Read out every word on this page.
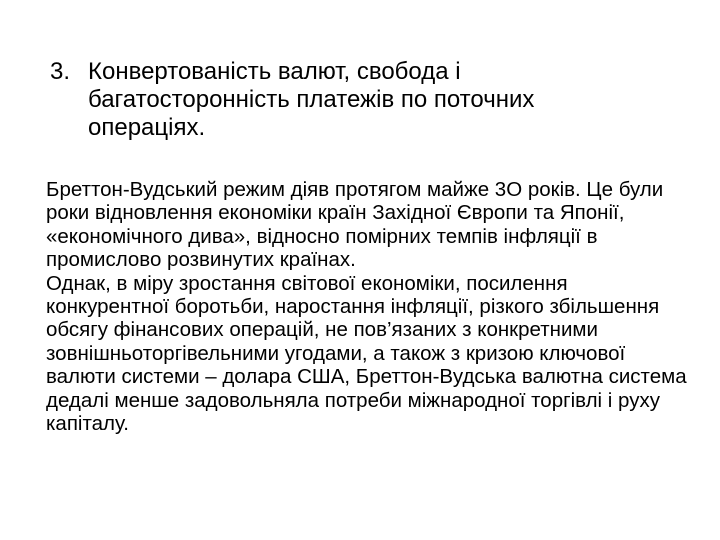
3. Конвертованість валют, свобода і багатосторонність платежів по поточних операціях.

Бреттон-Вудський режим діяв протягом майже 3О років. Це були роки відновлення економіки країн Західної Європи та Японії, «економічного дива», відносно помірних темпів інфляції в промислово розвинутих країнах.

Однак, в міру зростання світової економіки, посилення конкурентної боротьби, наростання інфляції, різкого збільшення обсягу фінансових операцій, не пов’язаних з конкретними зовнішньоторгівельними угодами, а також з кризою ключової валюти системи – долара США, Бреттон-Вудська валютна система дедалі менше задовольняла потреби міжнародної торгівлі і руху капіталу.
